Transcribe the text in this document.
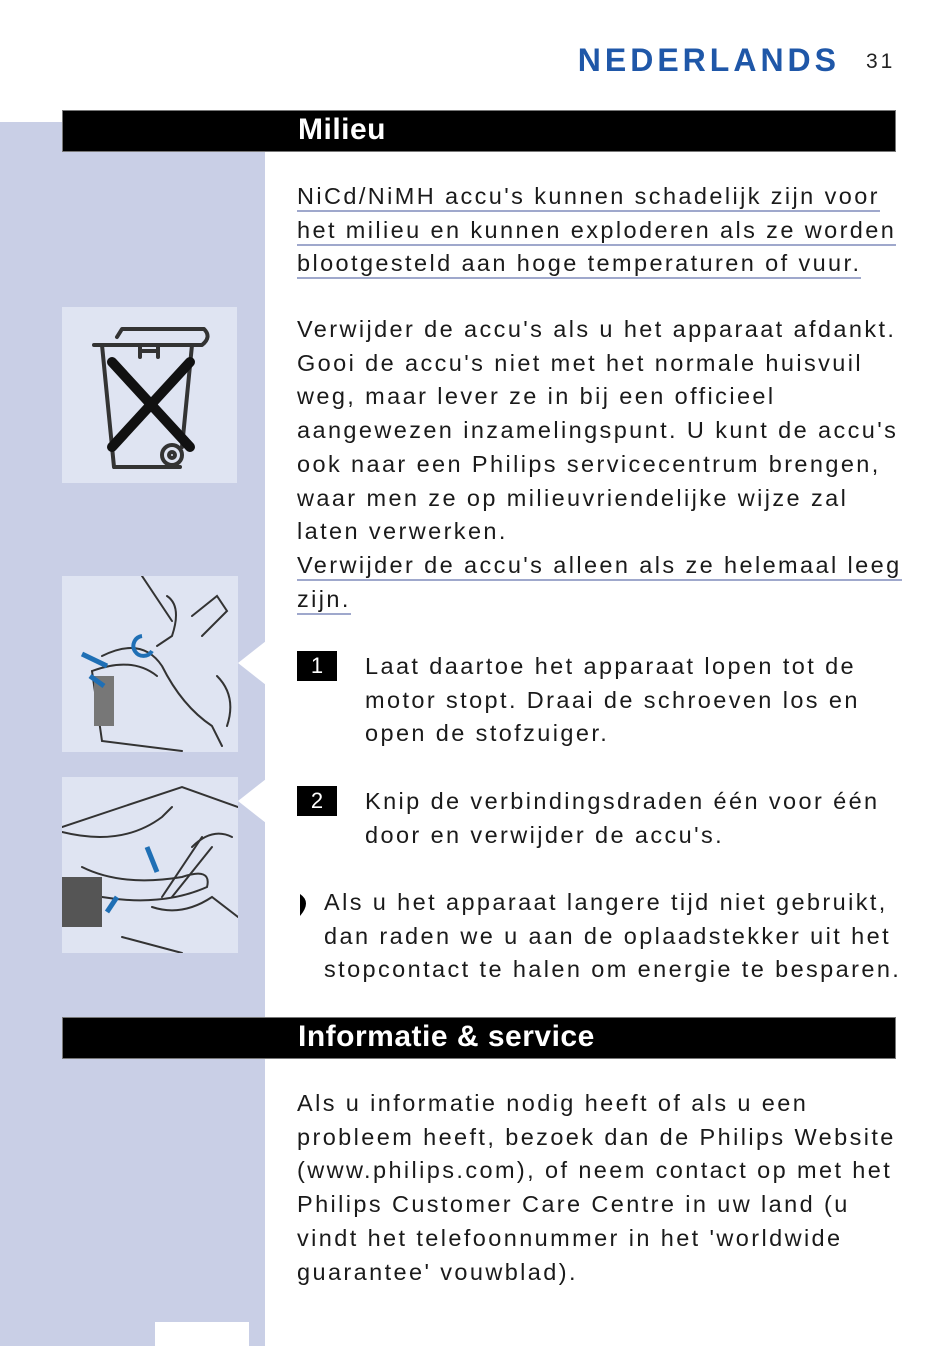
NEDERLANDS 31
Milieu
NiCd/NiMH accu's kunnen schadelijk zijn voor
het milieu en kunnen exploderen als ze worden
blootgesteld aan hoge temperaturen of vuur.
Verwijder de accu's als u het apparaat afdankt. Gooi de accu's niet met het normale huisvuil weg, maar lever ze in bij een officieel aangewezen inzamelingspunt. U kunt de accu's ook naar een Philips servicecentrum brengen, waar men ze op milieuvriendelijke wijze zal laten verwerken.
Verwijder de accu's alleen als ze helemaal leeg
zijn.
1	Laat daartoe het apparaat lopen tot de motor stopt. Draai de schroeven los en open de stofzuiger.
2	Knip de verbindingsdraden één voor één door en verwijder de accu's.
Als u het apparaat langere tijd niet gebruikt, dan raden we u aan de oplaadstekker uit het stopcontact te halen om energie te besparen.
Informatie & service
Als u informatie nodig heeft of als u een probleem heeft, bezoek dan de Philips Website (www.philips.com), of neem contact op met het Philips Customer Care Centre in uw land (u vindt het telefoonnummer in het 'worldwide guarantee' vouwblad).
